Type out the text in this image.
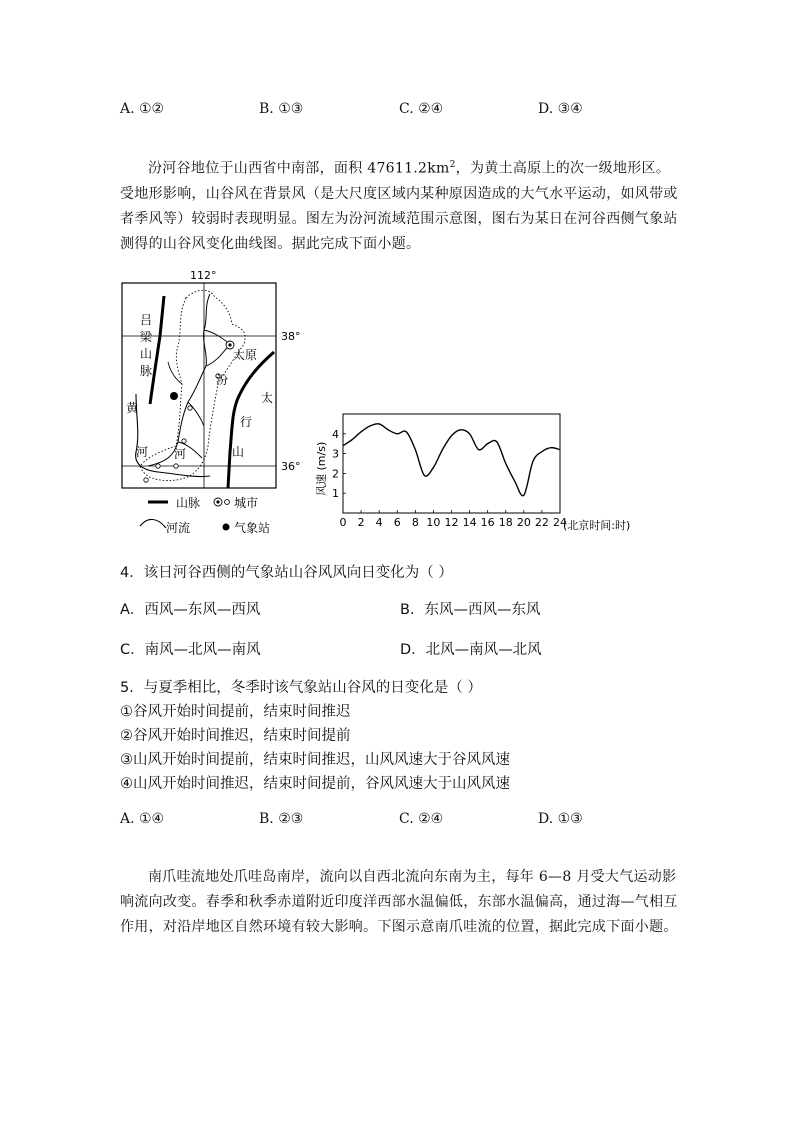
A. ①②	B. ①③	C. ②④	D. ③④
汾河谷地位于山西省中南部，面积 $47611.2km^2$，为黄土高原上的次一级地形区。受地形影响，山谷风在背景风（是大尺度区域内某种原因造成的大气水平运动，如风带或者季风等）较弱时表现明显。图左为汾河流域范围示意图，图右为某日在河谷西侧气象站测得的山谷风变化曲线图。据此完成下面小题。
112°
38°
36°
太原
吕
梁
山
脉
太
行
山
黄
河
汾
河
山脉	城市
河流	气象站	0 2 4 6 8 10 12 14 16 18 20 22 24
1
2
3
4
风速 (m/s)
(北京时间:时)
4．该日河谷西侧的气象站山谷风风向日变化为（ ）
A．西风—东风—西风	B．东风—西风—东风
C．南风—北风—南风	D．北风—南风—北风
5．与夏季相比，冬季时该气象站山谷风的日变化是（ ）
①谷风开始时间提前，结束时间推迟
②谷风开始时间推迟，结束时间提前
③山风开始时间提前，结束时间推迟，山风风速大于谷风风速
④山风开始时间推迟，结束时间提前，谷风风速大于山风风速
A. ①④	B. ②③	C. ②④	D. ①③
南爪哇流地处爪哇岛南岸，流向以自西北流向东南为主，每年 6—8 月受大气运动影响流向改变。春季和秋季赤道附近印度洋西部水温偏低，东部水温偏高，通过海—气相互作用，对沿岸地区自然环境有较大影响。下图示意南爪哇流的位置，据此完成下面小题。
